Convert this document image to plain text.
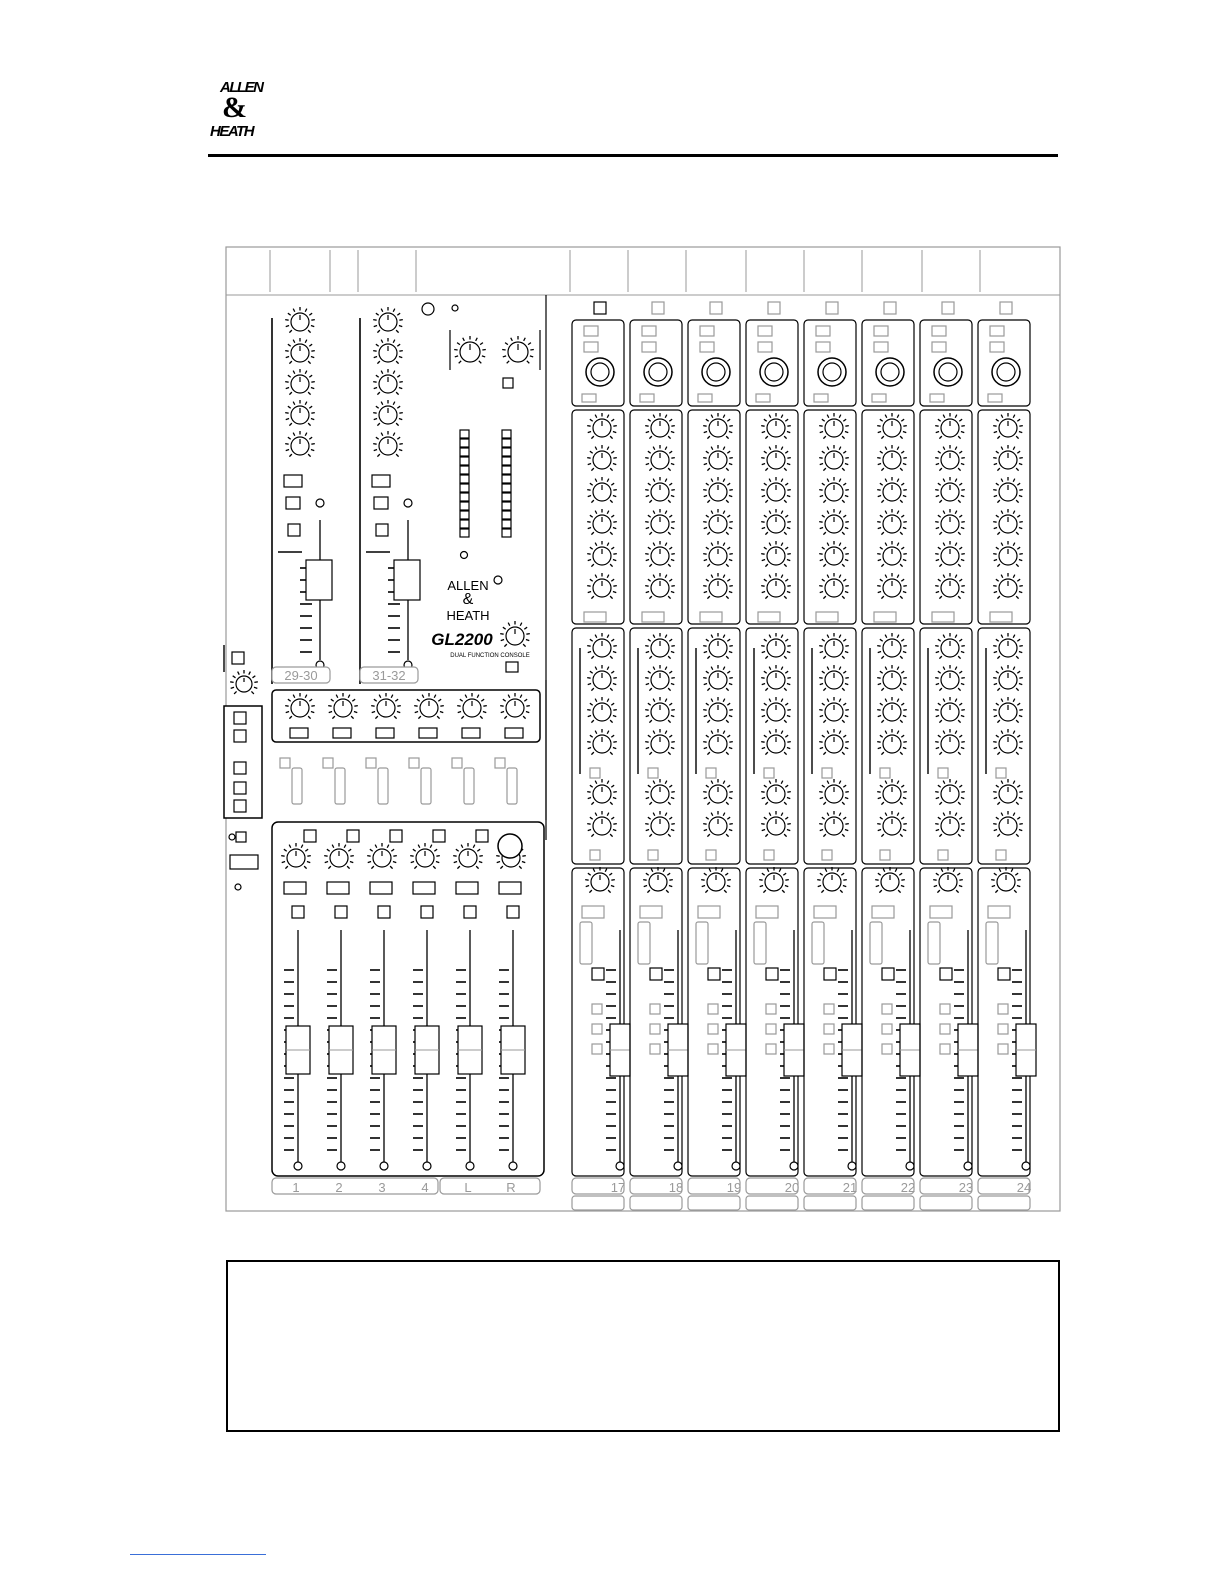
ALLEN
&
HEATH
29-30	31-32
ALLEN
&
HEATH
GL2200
DUAL FUNCTION CONSOLE
1	2	3	4	L	R	17	18	19	20	21	22	23	24
